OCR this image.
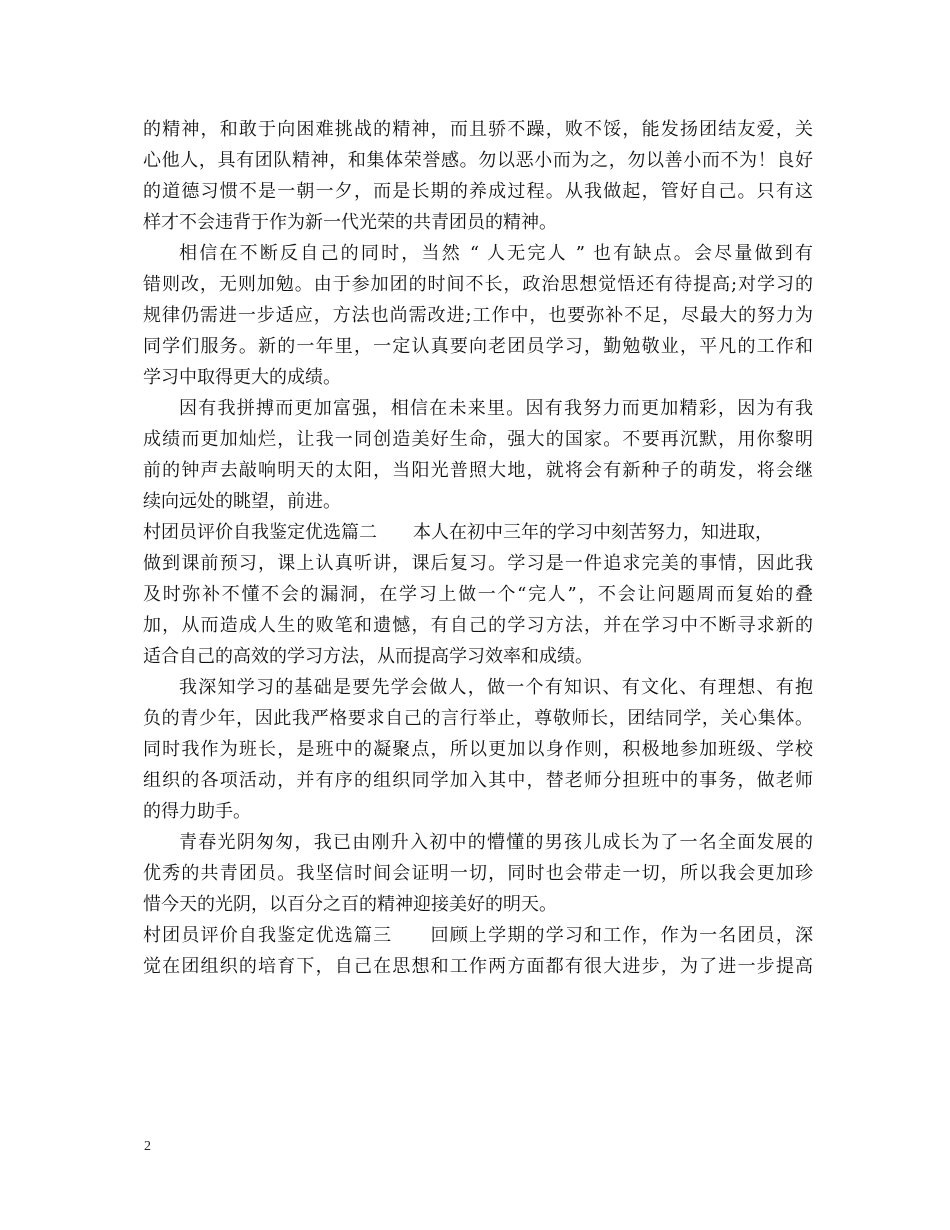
的精神，和敢于向困难挑战的精神，而且骄不躁，败不馁，能发扬团结友爱，关
心他人，具有团队精神，和集体荣誉感。勿以恶小而为之，勿以善小而不为！良好
的道德习惯不是一朝一夕，而是长期的养成过程。从我做起，管好自己。只有这
样才不会违背于作为新一代光荣的共青团员的精神。
相信在不断反自己的同时，当然 “ 人无完人 ” 也有缺点。会尽量做到有
错则改，无则加勉。由于参加团的时间不长，政治思想觉悟还有待提高;对学习的
规律仍需进一步适应，方法也尚需改进;工作中，也要弥补不足，尽最大的努力为
同学们服务。新的一年里，一定认真要向老团员学习，勤勉敬业，平凡的工作和
学习中取得更大的成绩。
因有我拼搏而更加富强，相信在未来里。因有我努力而更加精彩，因为有我
成绩而更加灿烂，让我一同创造美好生命，强大的国家。不要再沉默，用你黎明
前的钟声去敲响明天的太阳，当阳光普照大地，就将会有新种子的萌发，将会继
续向远处的眺望，前进。
村团员评价自我鉴定优选篇二　　本人在初中三年的学习中刻苦努力，知进取，
做到课前预习，课上认真听讲，课后复习。学习是一件追求完美的事情，因此我
及时弥补不懂不会的漏洞，在学习上做一个“完人”，不会让问题周而复始的叠
加，从而造成人生的败笔和遗憾，有自己的学习方法，并在学习中不断寻求新的
适合自己的高效的学习方法，从而提高学习效率和成绩。
我深知学习的基础是要先学会做人，做一个有知识、有文化、有理想、有抱
负的青少年，因此我严格要求自己的言行举止，尊敬师长，团结同学，关心集体。
同时我作为班长，是班中的凝聚点，所以更加以身作则，积极地参加班级、学校
组织的各项活动，并有序的组织同学加入其中，替老师分担班中的事务，做老师
的得力助手。
青春光阴匆匆，我已由刚升入初中的懵懂的男孩儿成长为了一名全面发展的
优秀的共青团员。我坚信时间会证明一切，同时也会带走一切，所以我会更加珍
惜今天的光阴，以百分之百的精神迎接美好的明天。
村团员评价自我鉴定优选篇三　　回顾上学期的学习和工作，作为一名团员，深
觉在团组织的培育下，自己在思想和工作两方面都有很大进步，为了进一步提高
2
